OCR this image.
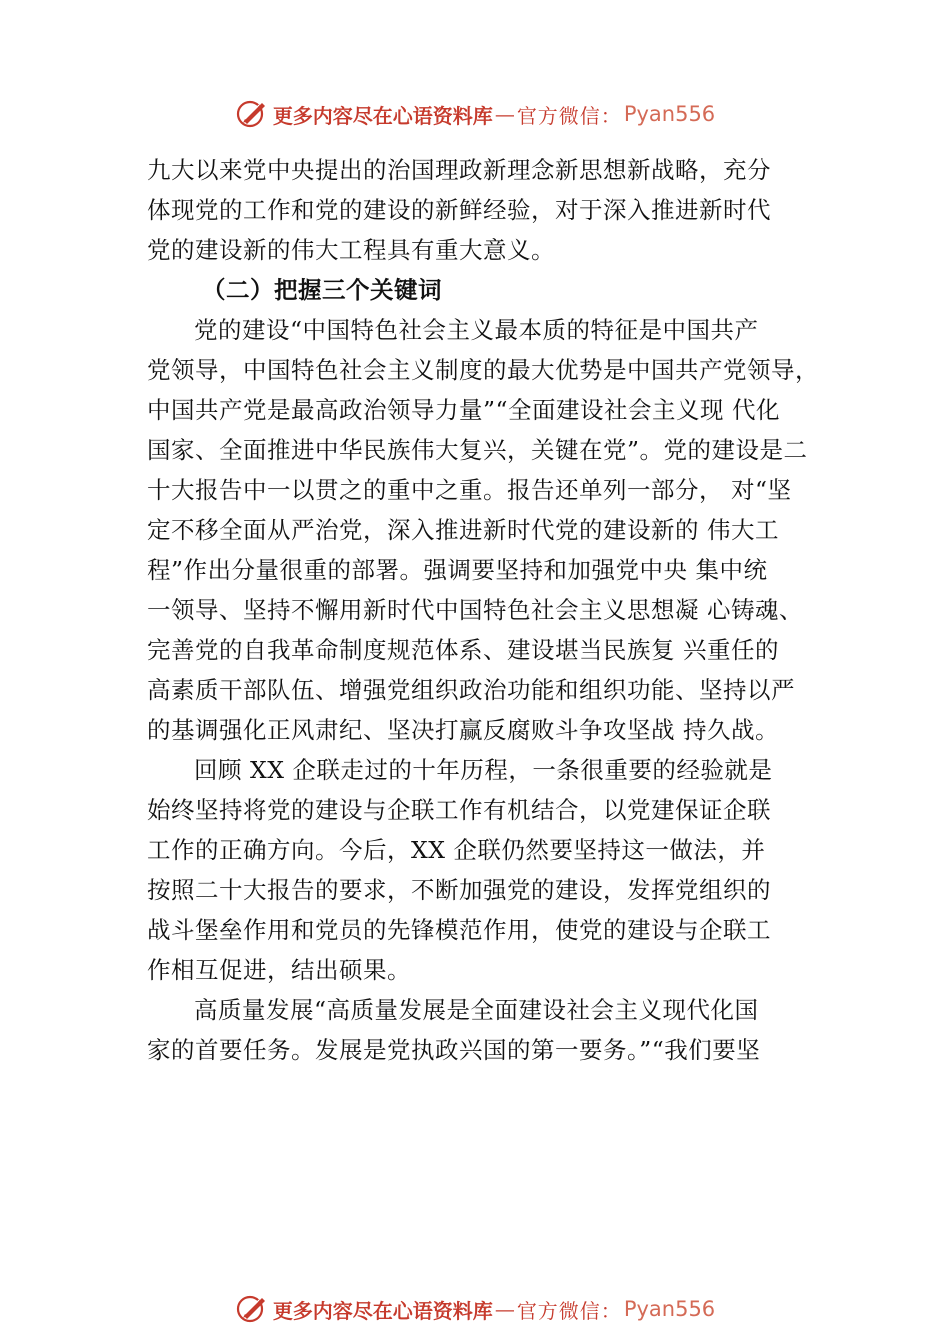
更多内容尽在心语资料库 — 官方微信： Pyan556
九大以来党中央提出的治国理政新理念新思想新战略，充分
体现党的工作和党的建设的新鲜经验，对于深入推进新时代
党的建设新的伟大工程具有重大意义。
（二）把握三个关键词
党的建设“中国特色社会主义最本质的特征是中国共产
党领导，中国特色社会主义制度的最大优势是中国共产党领导，
中国共产党是最高政治领导力量”“全面建设社会主义现 代化
国家、全面推进中华民族伟大复兴，关键在党”。党的建设是二
十大报告中一以贯之的重中之重。报告还单列一部分， 对“坚
定不移全面从严治党，深入推进新时代党的建设新的 伟大工
程”作出分量很重的部署。强调要坚持和加强党中央 集中统
一领导、坚持不懈用新时代中国特色社会主义思想凝 心铸魂、
完善党的自我革命制度规范体系、建设堪当民族复 兴重任的
高素质干部队伍、增强党组织政治功能和组织功能、坚持以严
的基调强化正风肃纪、坚决打赢反腐败斗争攻坚战 持久战。
回顾 XX 企联走过的十年历程，一条很重要的经验就是
始终坚持将党的建设与企联工作有机结合，以党建保证企联
工作的正确方向。今后，XX 企联仍然要坚持这一做法，并
按照二十大报告的要求，不断加强党的建设，发挥党组织的
战斗堡垒作用和党员的先锋模范作用，使党的建设与企联工
作相互促进，结出硕果。
高质量发展“高质量发展是全面建设社会主义现代化国
家的首要任务。发展是党执政兴国的第一要务。”“我们要坚
更多内容尽在心语资料库 — 官方微信： Pyan556
